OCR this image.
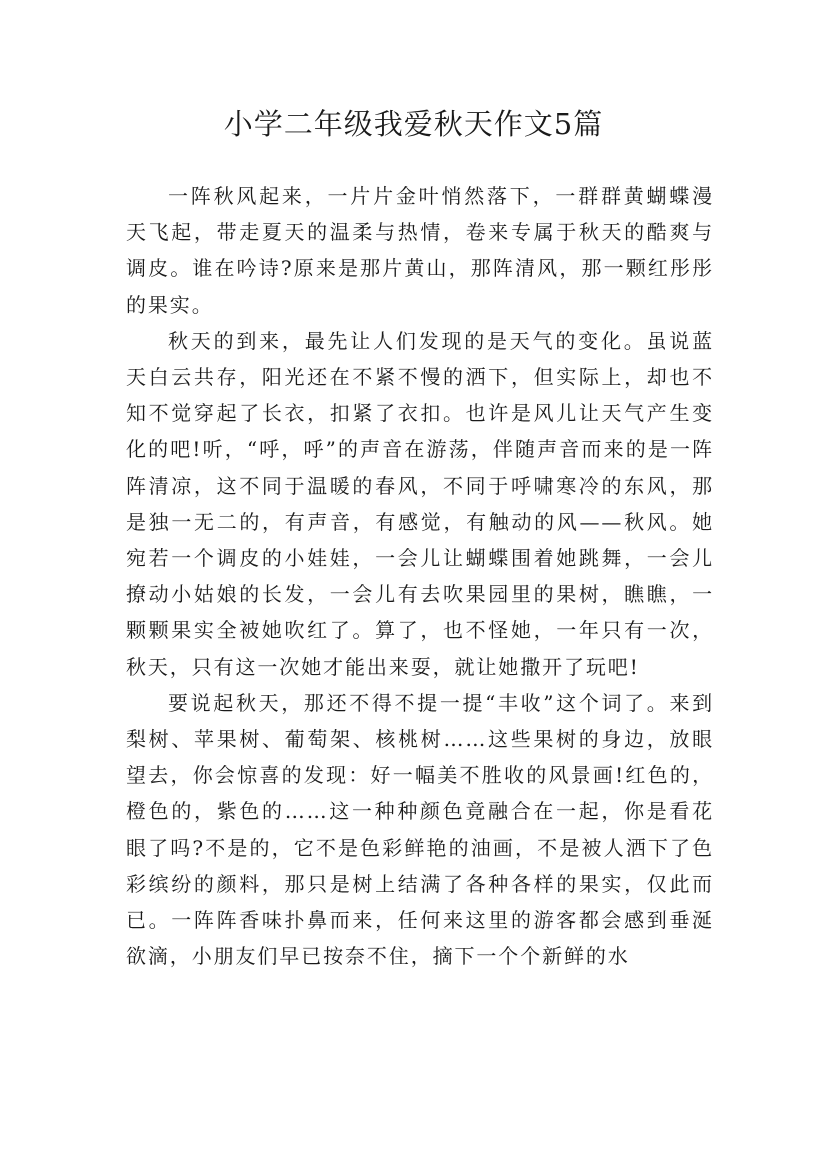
小学二年级我爱秋天作文5篇

一阵秋风起来，一片片金叶悄然落下，一群群黄蝴蝶漫天飞起，带走夏天的温柔与热情，卷来专属于秋天的酷爽与调皮。谁在吟诗?原来是那片黄山，那阵清风，那一颗红彤彤的果实。

秋天的到来，最先让人们发现的是天气的变化。虽说蓝天白云共存，阳光还在不紧不慢的洒下，但实际上，却也不知不觉穿起了长衣，扣紧了衣扣。也许是风儿让天气产生变化的吧!听，“呼，呼”的声音在游荡，伴随声音而来的是一阵阵清凉，这不同于温暖的春风，不同于呼啸寒冷的东风，那是独一无二的，有声音，有感觉，有触动的风——秋风。她宛若一个调皮的小娃娃，一会儿让蝴蝶围着她跳舞，一会儿撩动小姑娘的长发，一会儿有去吹果园里的果树，瞧瞧，一颗颗果实全被她吹红了。算了，也不怪她，一年只有一次，秋天，只有这一次她才能出来耍，就让她撒开了玩吧!

要说起秋天，那还不得不提一提“丰收”这个词了。来到梨树、苹果树、葡萄架、核桃树……这些果树的身边，放眼望去，你会惊喜的发现：好一幅美不胜收的风景画!红色的，橙色的，紫色的……这一种种颜色竟融合在一起，你是看花眼了吗?不是的，它不是色彩鲜艳的油画，不是被人洒下了色彩缤纷的颜料，那只是树上结满了各种各样的果实，仅此而已。一阵阵香味扑鼻而来，任何来这里的游客都会感到垂涎欲滴，小朋友们早已按奈不住，摘下一个个新鲜的水
